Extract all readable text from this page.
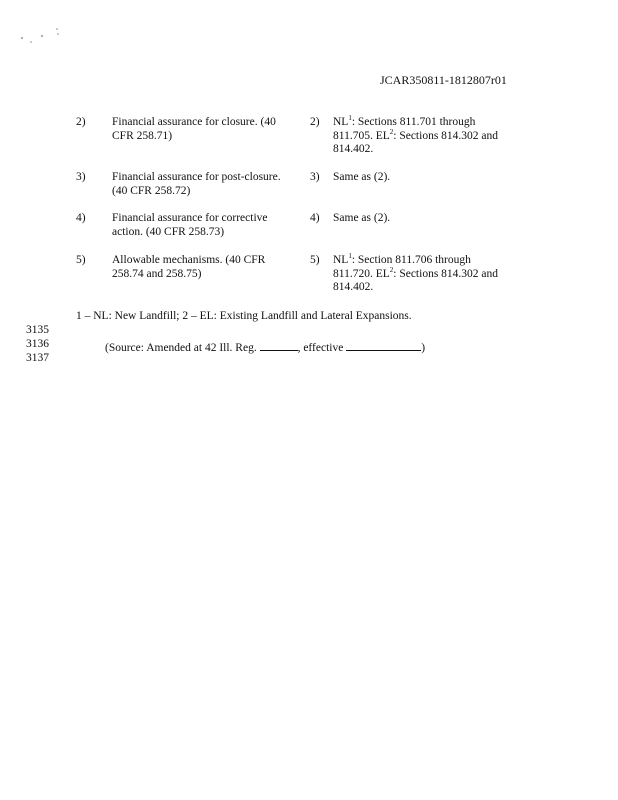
JCAR350811-1812807r01
2) Financial assurance for closure. (40
CFR 258.71)
2) $NL^1$: Sections 811.701 through
811.705. $EL^2$: Sections 814.302 and
814.402.
3) Financial assurance for post-closure.
(40 CFR 258.72)
3) Same as (2).
4) Financial assurance for corrective
action. (40 CFR 258.73)
4) Same as (2).
5) Allowable mechanisms. (40 CFR
258.74 and 258.75)
5) $NL^1$: Section 811.706 through
811.720. $EL^2$: Sections 814.302 and
814.402.
1 – NL: New Landfill; 2 – EL: Existing Landfill and Lateral Expansions.
3135
3136
3137
(Source: Amended at 42 Ill. Reg.	, effective	)
